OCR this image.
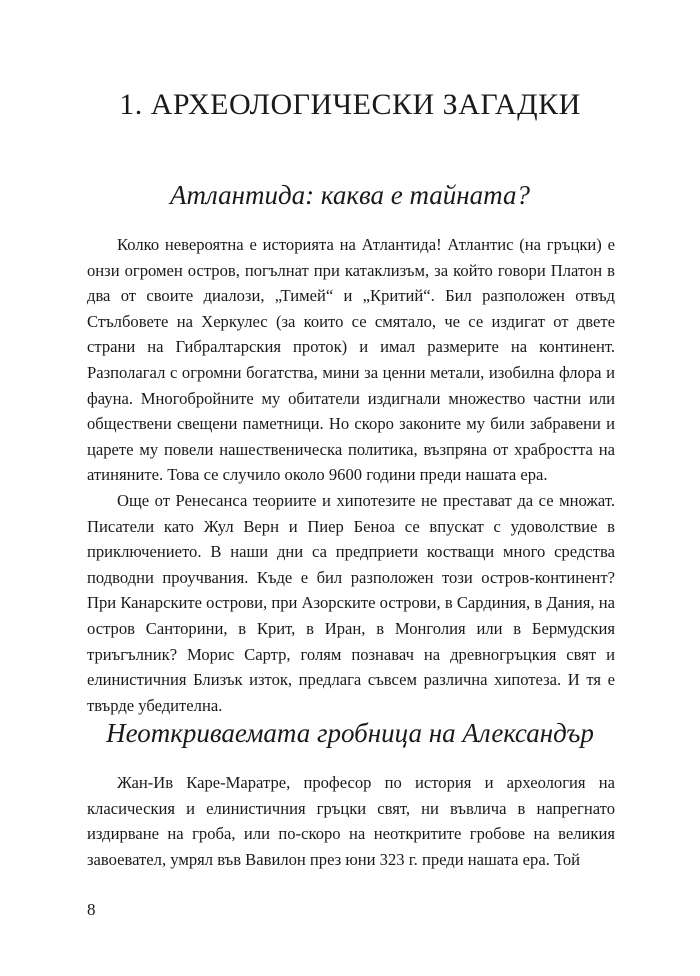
1. АРХЕОЛОГИЧЕСКИ ЗАГАДКИ
Атлантида: каква е тайната?

Колко невероятна е историята на Атлантида! Атлантис (на гръцки) е онзи огромен остров, погълнат при катаклизъм, за който говори Платон в два от своите диалози, „Тимей“ и „Критий“. Бил разположен отвъд Стълбовете на Херкулес (за които се смятало, че се издигат от двете страни на Гибралтарския проток) и имал размерите на континент. Разполагал с огромни богатства, мини за ценни метали, изобилна флора и фауна. Многобройните му обитатели издигнали множество частни или обществени свещени паметници. Но скоро законите му били забравени и царете му повели нашественическа политика, възпряна от храбростта на атиняните. Това се случило около 9600 години преди нашата ера.

Още от Ренесанса теориите и хипотезите не престават да се множат. Писатели като Жул Верн и Пиер Беноа се впускат с удоволствие в приключението. В наши дни са предприети костващи много средства подводни проучвания. Къде е бил разположен този остров-континент? При Канарските острови, при Азорските острови, в Сардиния, в Дания, на остров Санторини, в Крит, в Иран, в Монголия или в Бермудския триъгълник? Морис Сартр, голям познавач на древногръцкия свят и елинистичния Близък изток, предлага съвсем различна хипотеза. И тя е твърде убедителна.

Неоткриваемата гробница на Александър

Жан-Ив Каре-Маратре, професор по история и археология на класическия и елинистичния гръцки свят, ни въвлича в напрегнато издирване на гроба, или по-скоро на неоткритите гробове на великия завоевател, умрял във Вавилон през юни 323 г. преди нашата ера. Той

8
